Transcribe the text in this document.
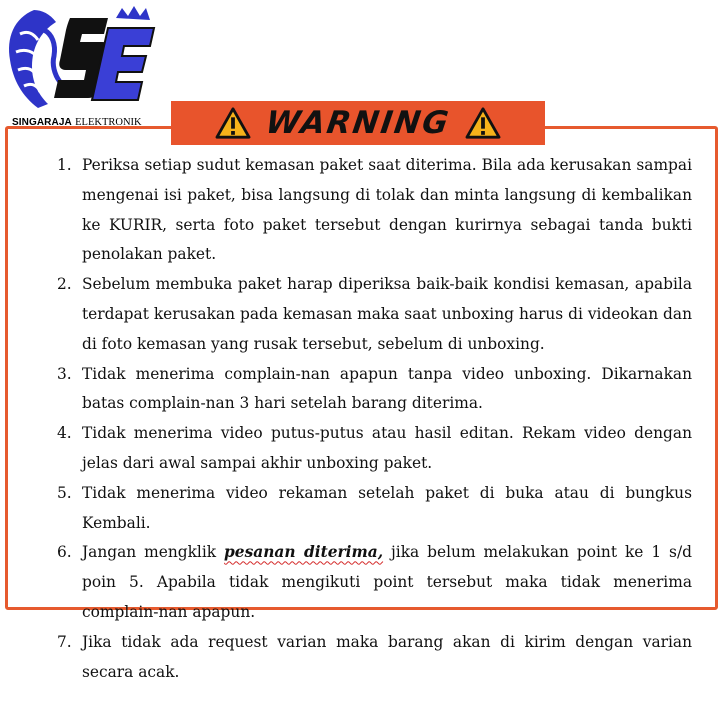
SINGARAJA ELEKTRONIK	WARNING
1. Periksa setiap sudut kemasan paket saat diterima. Bila ada kerusakan sampai mengenai isi paket, bisa langsung di tolak dan minta langsung di kembalikan ke KURIR, serta foto paket tersebut dengan kurirnya sebagai tanda bukti penolakan paket.
2. Sebelum membuka paket harap diperiksa baik-baik kondisi kemasan, apabila terdapat kerusakan pada kemasan maka saat unboxing harus di videokan dan di foto kemasan yang rusak tersebut, sebelum di unboxing.
3. Tidak menerima complain-nan apapun tanpa video unboxing. Dikarnakan batas complain-nan 3 hari setelah barang diterima.
4. Tidak menerima video putus-putus atau hasil editan. Rekam video dengan jelas dari awal sampai akhir unboxing paket.
5. Tidak menerima video rekaman setelah paket di buka atau di bungkus Kembali.
6. Jangan mengklik pesanan diterima, jika belum melakukan point ke 1 s/d poin 5. Apabila tidak mengikuti point tersebut maka tidak menerima complain-nan apapun.
7. Jika tidak ada request varian maka barang akan di kirim dengan varian secara acak.
